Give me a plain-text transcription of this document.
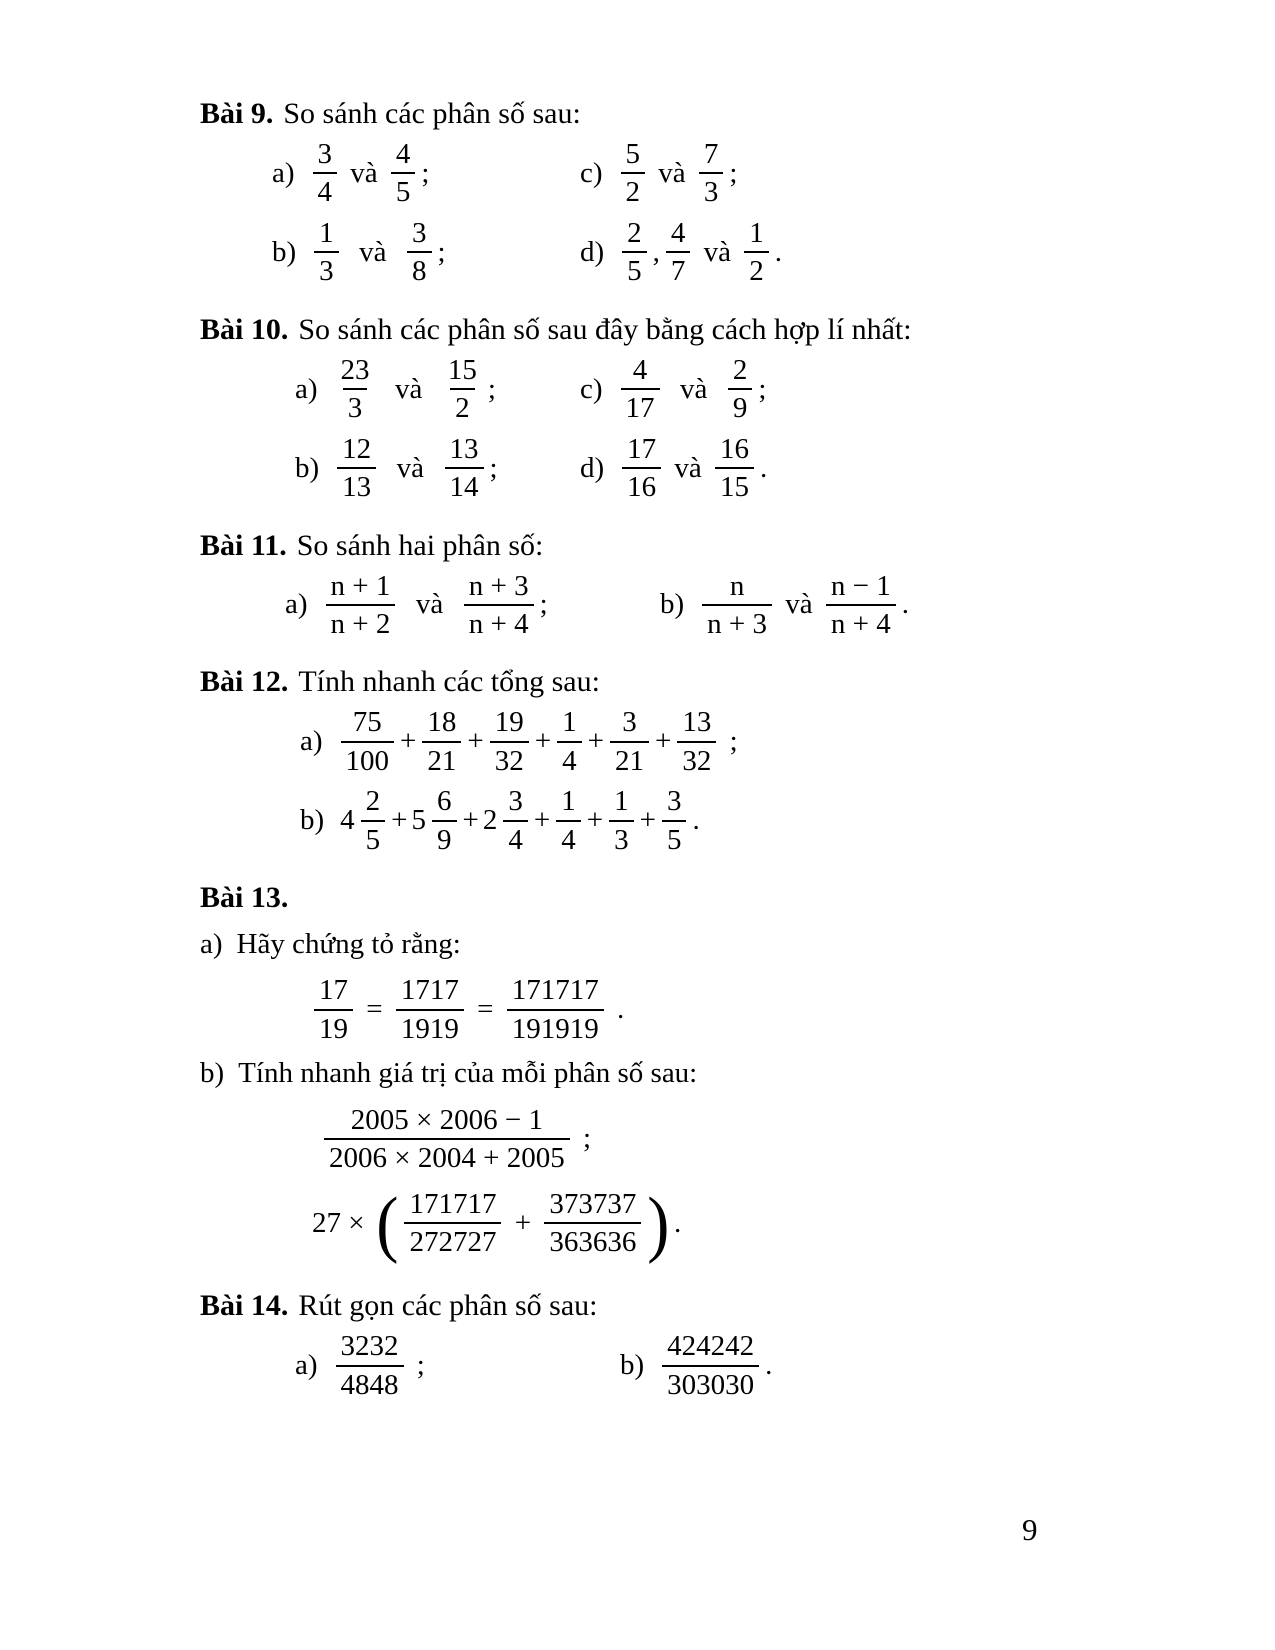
Bài 9. So sánh các phân số sau:
$a) \frac{3}{4}$ và $\frac{4}{5}$ ;	$c) \frac{5}{2}$ và $\frac{7}{3}$ ;
$b) \frac{1}{3}$ và $\frac{3}{8}$ ;	$d) \frac{2}{5}$ , $\frac{4}{7}$ và $\frac{1}{2}$ .
Bài 10. So sánh các phân số sau đây bằng cách hợp lí nhất:
$a) \frac{23}{3}$ và $\frac{15}{2}$ ;	$c) \frac{4}{17}$ và $\frac{2}{9}$ ;
$b) \frac{12}{13}$ và $\frac{13}{14}$ ;	$d) \frac{17}{16}$ và $\frac{16}{15}$ .
Bài 11. So sánh hai phân số:
$a) \frac{n + 1}{n + 2}$ và $\frac{n + 3}{n + 4}$ ;	$b) \frac{n}{n + 3}$ và $\frac{n - 1}{n + 4}$ .
Bài 12. Tính nhanh các tổng sau:
$a) \frac{75}{100} + \frac{18}{21} + \frac{19}{32} + \frac{1}{4} + \frac{3}{21} + \frac{13}{32}$ ;
b) $4 \frac{2}{5} + 5 \frac{6}{9} + 2 \frac{3}{4} + \frac{1}{4} + \frac{1}{3} + \frac{3}{5}$ .
Bài 13.
a) Hãy chứng tỏ rằng:
$\frac{17}{19} = \frac{1717}{1919} = \frac{171717}{191919}$ .
b) Tính nhanh giá trị của mỗi phân số sau:
$\frac{2005 \times 2006 - 1}{2006 \times 2004 + 2005}$ ;
27 × ( $\frac{171717}{272727} + \frac{373737}{363636}$ ) .
Bài 14. Rút gọn các phân số sau:
$a) \frac{3232}{4848}$ ;	$b) \frac{424242}{303030}$ .
9
